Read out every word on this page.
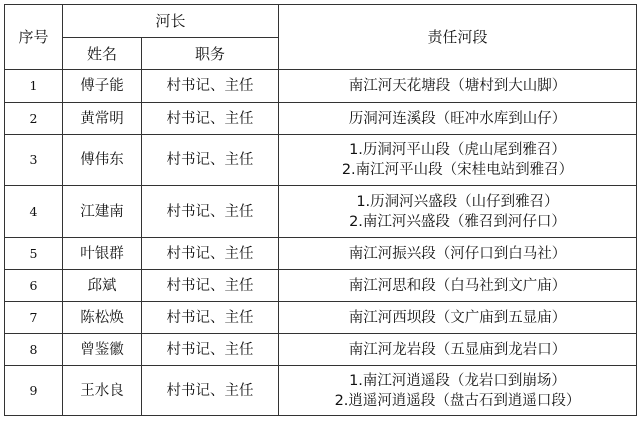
序号	河长		责任河段
	姓名	职务	
1	傅子能	村书记、主任	南江河天花塘段（塘村到大山脚）

2	黄常明	村书记、主任	历洞河连溪段（旺冲水库到山仔）

3	傅伟东	村书记、主任	1.历洞河平山段（虎山尾到雅召）
2.南江河平山段（宋桂电站到雅召）

4	江建南	村书记、主任	1.历洞河兴盛段（山仔到雅召）
2.南江河兴盛段（雅召到河仔口）

5	叶银群	村书记、主任	南江河振兴段（河仔口到白马社）

6	邱斌	村书记、主任	南江河思和段（白马社到文广庙）

7	陈松焕	村书记、主任	南江河西坝段（文广庙到五显庙）

8	曾鉴徽	村书记、主任	南江河龙岩段（五显庙到龙岩口）

9	王水良	村书记、主任	1.南江河逍遥段（龙岩口到崩场）
2.逍遥河逍遥段（盘古石到逍遥口段）
